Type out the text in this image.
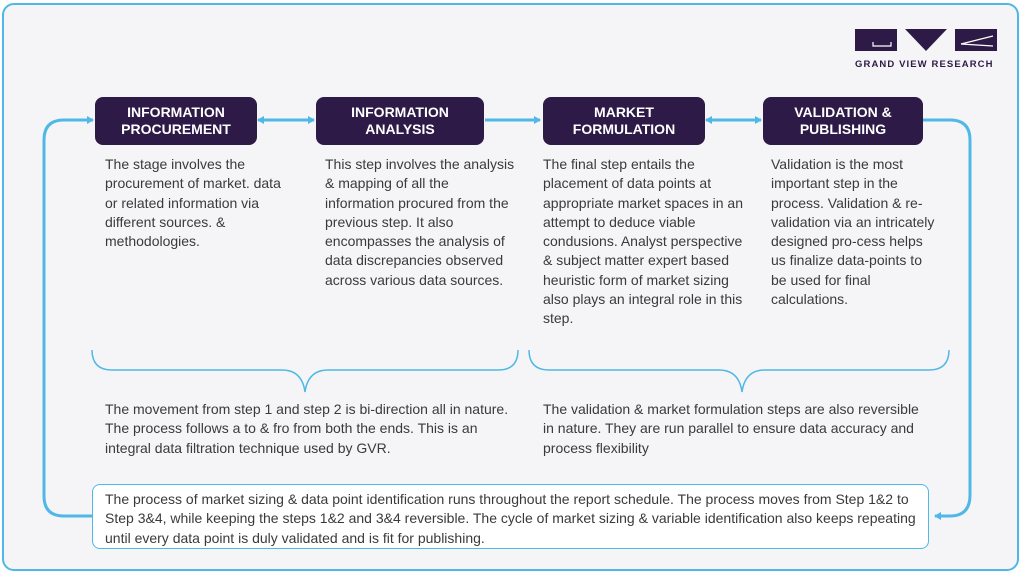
GRAND VIEW RESEARCH
INFORMATION
PROCUREMENT
INFORMATION
ANALYSIS
MARKET
FORMULATION
VALIDATION &
PUBLISHING
The stage involves the procurement of market. data or related information via different sources. & methodologies.
This step involves the analysis & mapping of all the information procured from the previous step. It also encompasses the analysis of data discrepancies observed across various data sources.
The final step entails the placement of data points at appropriate market spaces in an attempt to deduce viable condusions. Analyst perspective & subject matter expert based heuristic form of market sizing also plays an integral role in this step.
Validation is the most important step in the process. Validation & re- validation via an intricately designed pro-cess helps us finalize data-points to be used for final calculations.
The movement from step 1 and step 2 is bi-direction all in nature. The process follows a to & fro from both the ends. This is an integral data filtration technique used by GVR.
The validation & market formulation steps are also reversible in nature. They are run parallel to ensure data accuracy and process flexibility
The process of market sizing & data point identification runs throughout the report schedule. The process moves from Step 1&2 to Step 3&4, while keeping the steps 1&2 and 3&4 reversible. The cycle of market sizing & variable identification also keeps repeating until every data point is duly validated and is fit for publishing.
